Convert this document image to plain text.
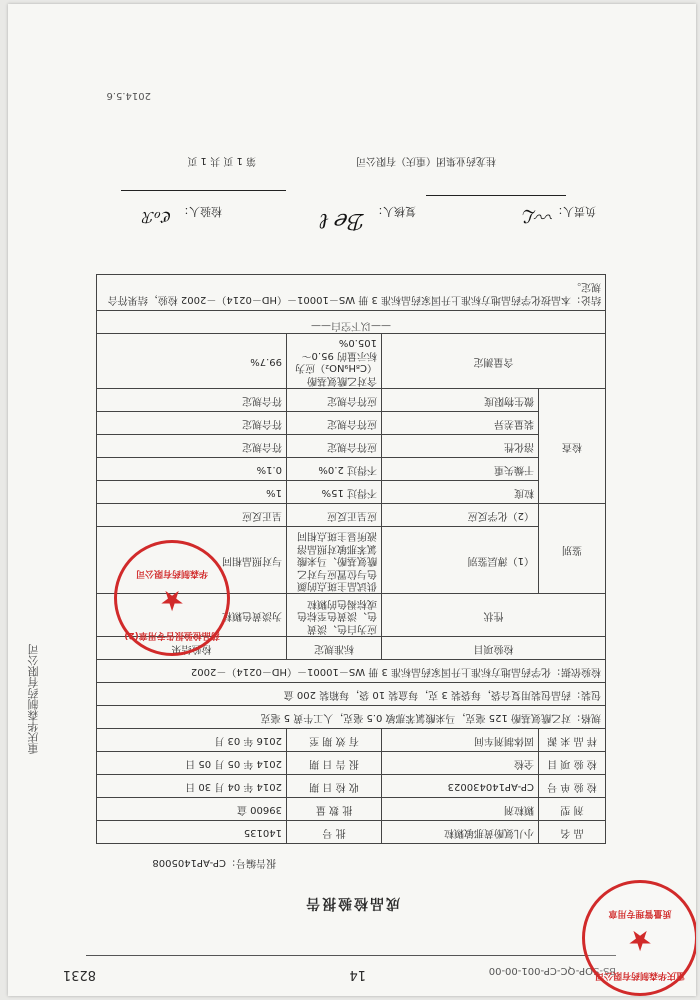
BS-SOP-QC-CP-001-00-00
14
8231
成品检验报告
报告编号：CP-AP1405008
品 名	小儿氨酚黄那敏颗粒	批 号	140135
剂 型	颗粒剂	批 数 量	39600 盒
检 验 单 号	CP-AP140430023	收 检 日 期	2014 年 04 月 30 日
检 验 项 目	全检	报 告 日 期	2014 年 05 月 05 日
样 品 来 源	固体制剂车间	有 效 期 至	2016 年 03 月
规格：对乙酰氨基酚 125 毫克，马来酸氯苯那敏 0.5 毫克，人工牛黄 5 毫克			
包装：药品包装用复合袋，每袋装 3 克，每盒装 10 袋，每箱装 200 盒			
检验依据：化学药品地方标准上升国家药品标准 3 册 WS－10001－（HD－0214）－2002			
检验项目		标准规定	检验结果
性状		应为白色、淡黄色、淡黄色至棕色或棕褐色的颗粒	为淡黄色颗粒
鉴别	（1）薄层鉴别	供试品主斑点的颜色与位置应与对乙酰氨基酚、马来酸氯苯那敏对照品溶液所显主斑点相同	与对照品相同
	（2）化学反应	应呈正反应	呈正反应
检查	粒度	不得过 15%	1%
	干燥失重	不得过 2.0%	0.1%
	溶化性	应符合规定	符合规定
	装量差异	应符合规定	符合规定
	微生物限度	应符合规定	符合规定
含量测定		含对乙酰氨基酚（C₈H₉NO₂）应为标示量的 95.0～105.0%	99.7%

——以下空白——			

结论：本品按化学药品地方标准上升国家药品标准 3 册 WS－10001－（HD－0214）－2002 检验，结果符合规定。			
负责人：
〰ℒ
复核人：
ℬℯ ℓ
检验人：
ℭℴℛ
桂龙药业集团（重庆）有限公司
第 1 页 共 1 页
2014.5.6
重庆华森制药有限公司
★
质量管理专用章
药品检验报告专用章(2)
★
华森制药有限公司
重庆华森制药有限公司
